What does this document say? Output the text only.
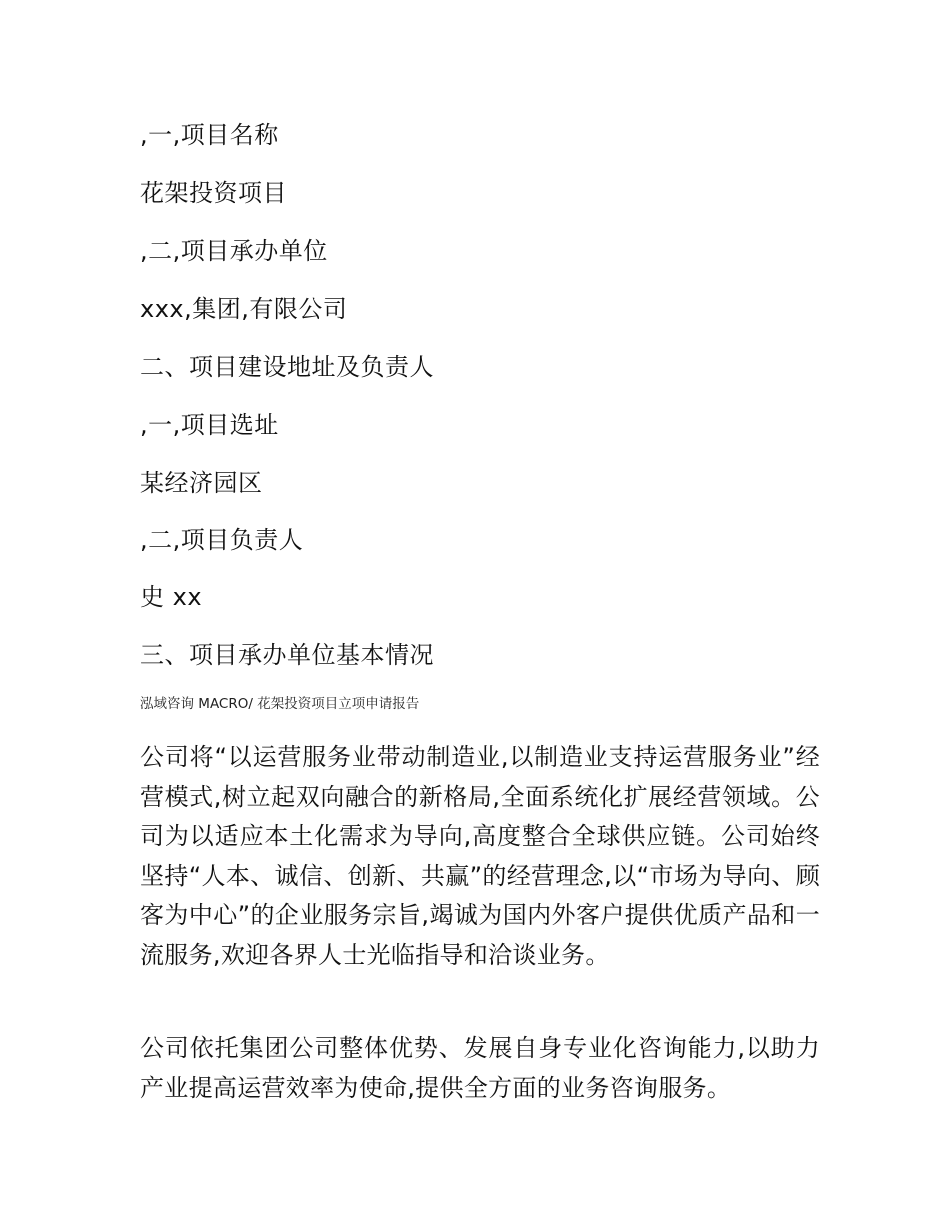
,一,项目名称
花架投资项目
,二,项目承办单位
xxx,集团,有限公司
二、项目建设地址及负责人
,一,项目选址
某经济园区
,二,项目负责人
史 xx
三、项目承办单位基本情况
泓域咨询 MACRO/ 花架投资项目立项申请报告

公司将“以运营服务业带动制造业,以制造业支持运营服务业”经营模式,树立起双向融合的新格局,全面系统化扩展经营领域。公司为以适应本土化需求为导向,高度整合全球供应链。公司始终坚持“人本、诚信、创新、共赢”的经营理念,以“市场为导向、顾客为中心”的企业服务宗旨,竭诚为国内外客户提供优质产品和一流服务,欢迎各界人士光临指导和洽谈业务。

公司依托集团公司整体优势、发展自身专业化咨询能力,以助力产业提高运营效率为使命,提供全方面的业务咨询服务。
